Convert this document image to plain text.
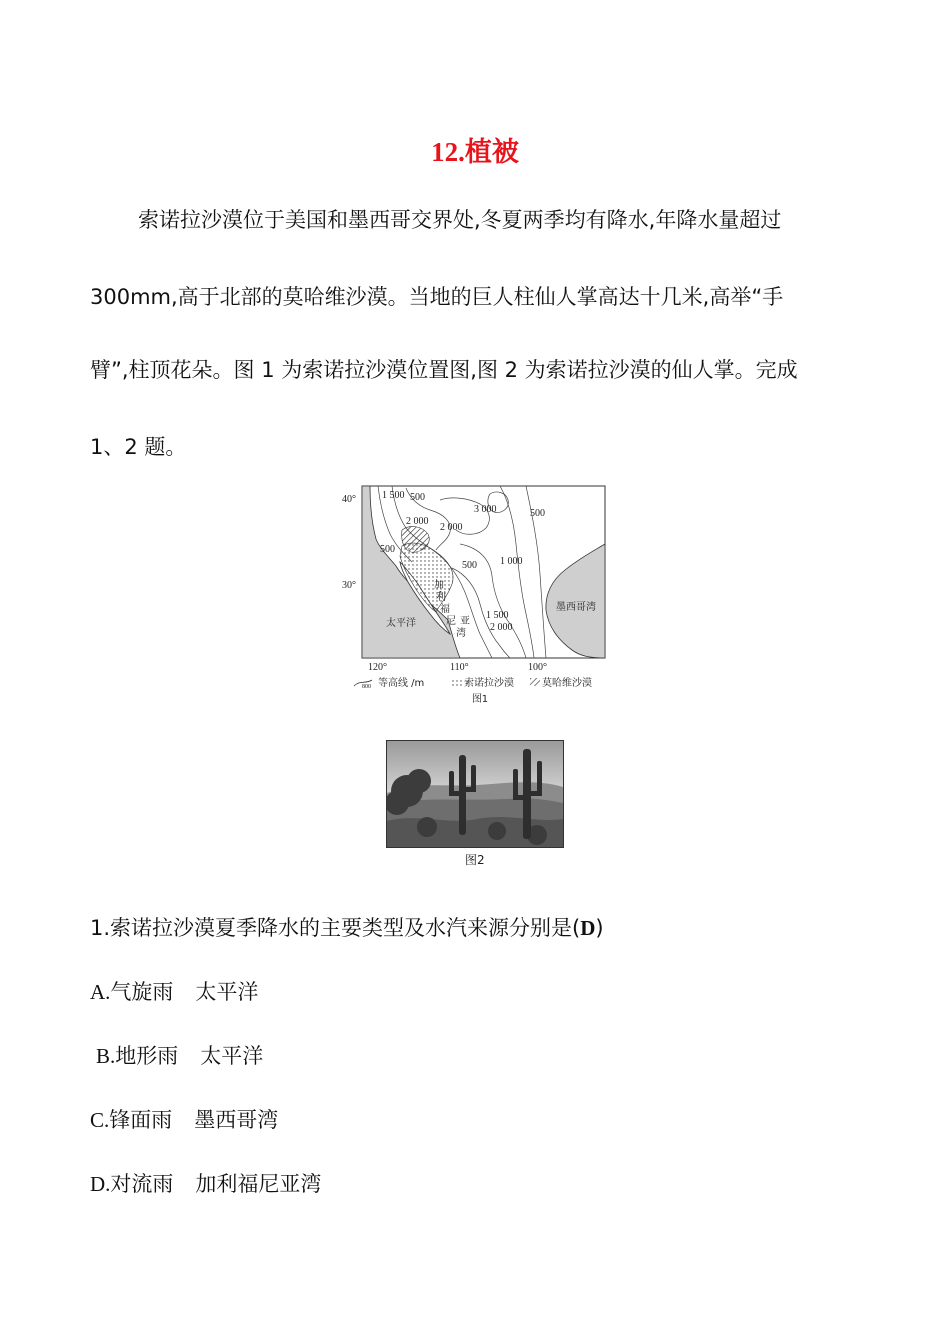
12.植被
索诺拉沙漠位于美国和墨西哥交界处,冬夏两季均有降水,年降水量超过
300mm,高于北部的莫哈维沙漠。当地的巨人柱仙人掌高达十几米,高举“手
臂”,柱顶花朵。图 1 为索诺拉沙漠位置图,图 2 为索诺拉沙漠的仙人掌。完成
1、2 题。
40°
30°
120°	110°	100°
1 500 500
2 000
3 000
2 000
500
500
500 1 000
1 500
2 000
太平洋
墨西哥湾
加
利
福
尼 亚
湾
800 等高线 /m	索诺拉沙漠	莫哈维沙漠
图1
图2
1.索诺拉沙漠夏季降水的主要类型及水汽来源分别是(D)
A.气旋雨 太平洋
B.地形雨 太平洋
C.锋面雨 墨西哥湾
D.对流雨 加利福尼亚湾
